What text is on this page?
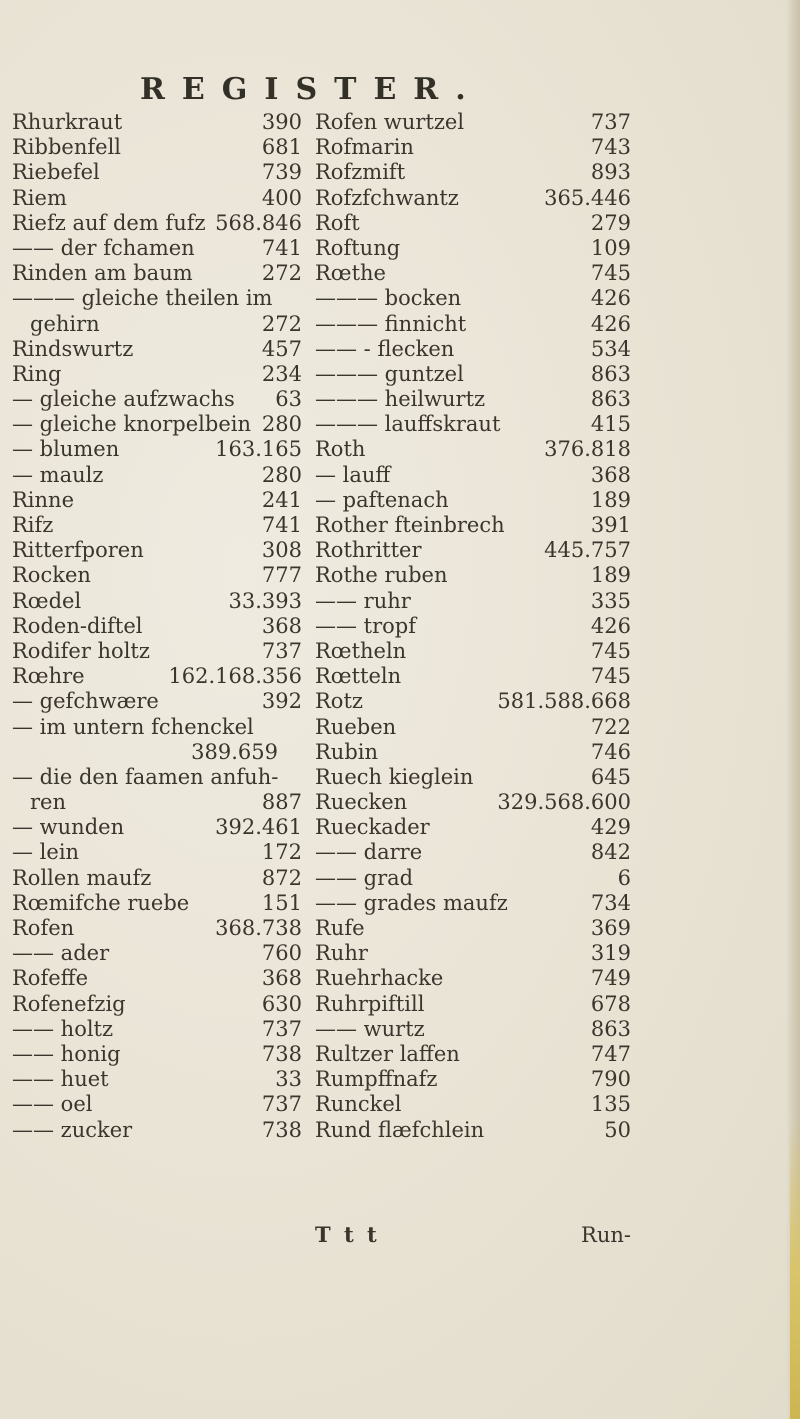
REGISTER.
Rhurkraut	390
Ribbenfell	681
Riebefel	739
Riem	400
Riefz auf dem fufz 568.846
—— der fchamen	741
Rinden am baum	272
——— gleiche theilen im
gehirn	272
Rindswurtz	457
Ring	234
— gleiche aufzwachs 63
— gleiche knorpelbein 280
— blumen	163.165
— maulz	280
Rinne	241
Rifz	741
Ritterfporen	308
Rocken	777
Rœdel	33.393
Roden-diftel	368
Rodifer holtz	737
Rœhre	162.168.356
— gefchwære	392
— im untern fchenckel
389.659
— die den faamen anfuh-
ren	887
— wunden	392.461
— lein	172
Rollen maufz	872
Rœmifche ruebe	151
Rofen	368.738
—— ader	760
Rofeffe	368
Rofenefzig	630
—— holtz	737
—— honig	738
—— huet	33
—— oel	737
—— zucker	738
Rofen wurtzel	737
Rofmarin	743
Rofzmift	893
Rofzfchwantz	365.446
Roft	279
Roftung	109
Rœthe	745
——— bocken	426
——— finnicht	426
—— - flecken	534
——— guntzel	863
——— heilwurtz	863
——— lauffskraut	415
Roth	376.818
— lauff	368
— paftenach	189
Rother fteinbrech	391
Rothritter	445.757
Rothe ruben	189
—— ruhr	335
—— tropf	426
Rœtheln	745
Rœtteln	745
Rotz	581.588.668
Rueben	722
Rubin	746
Ruech kieglein	645
Ruecken	329.568.600
Rueckader	429
—— darre	842
—— grad	6
—— grades maufz	734
Rufe	369
Ruhr	319
Ruehrhacke	749
Ruhrpiftill	678
—— wurtz	863
Rultzer laffen	747
Rumpffnafz	790
Runckel	135
Rund flæfchlein	50
T t t	Run-
